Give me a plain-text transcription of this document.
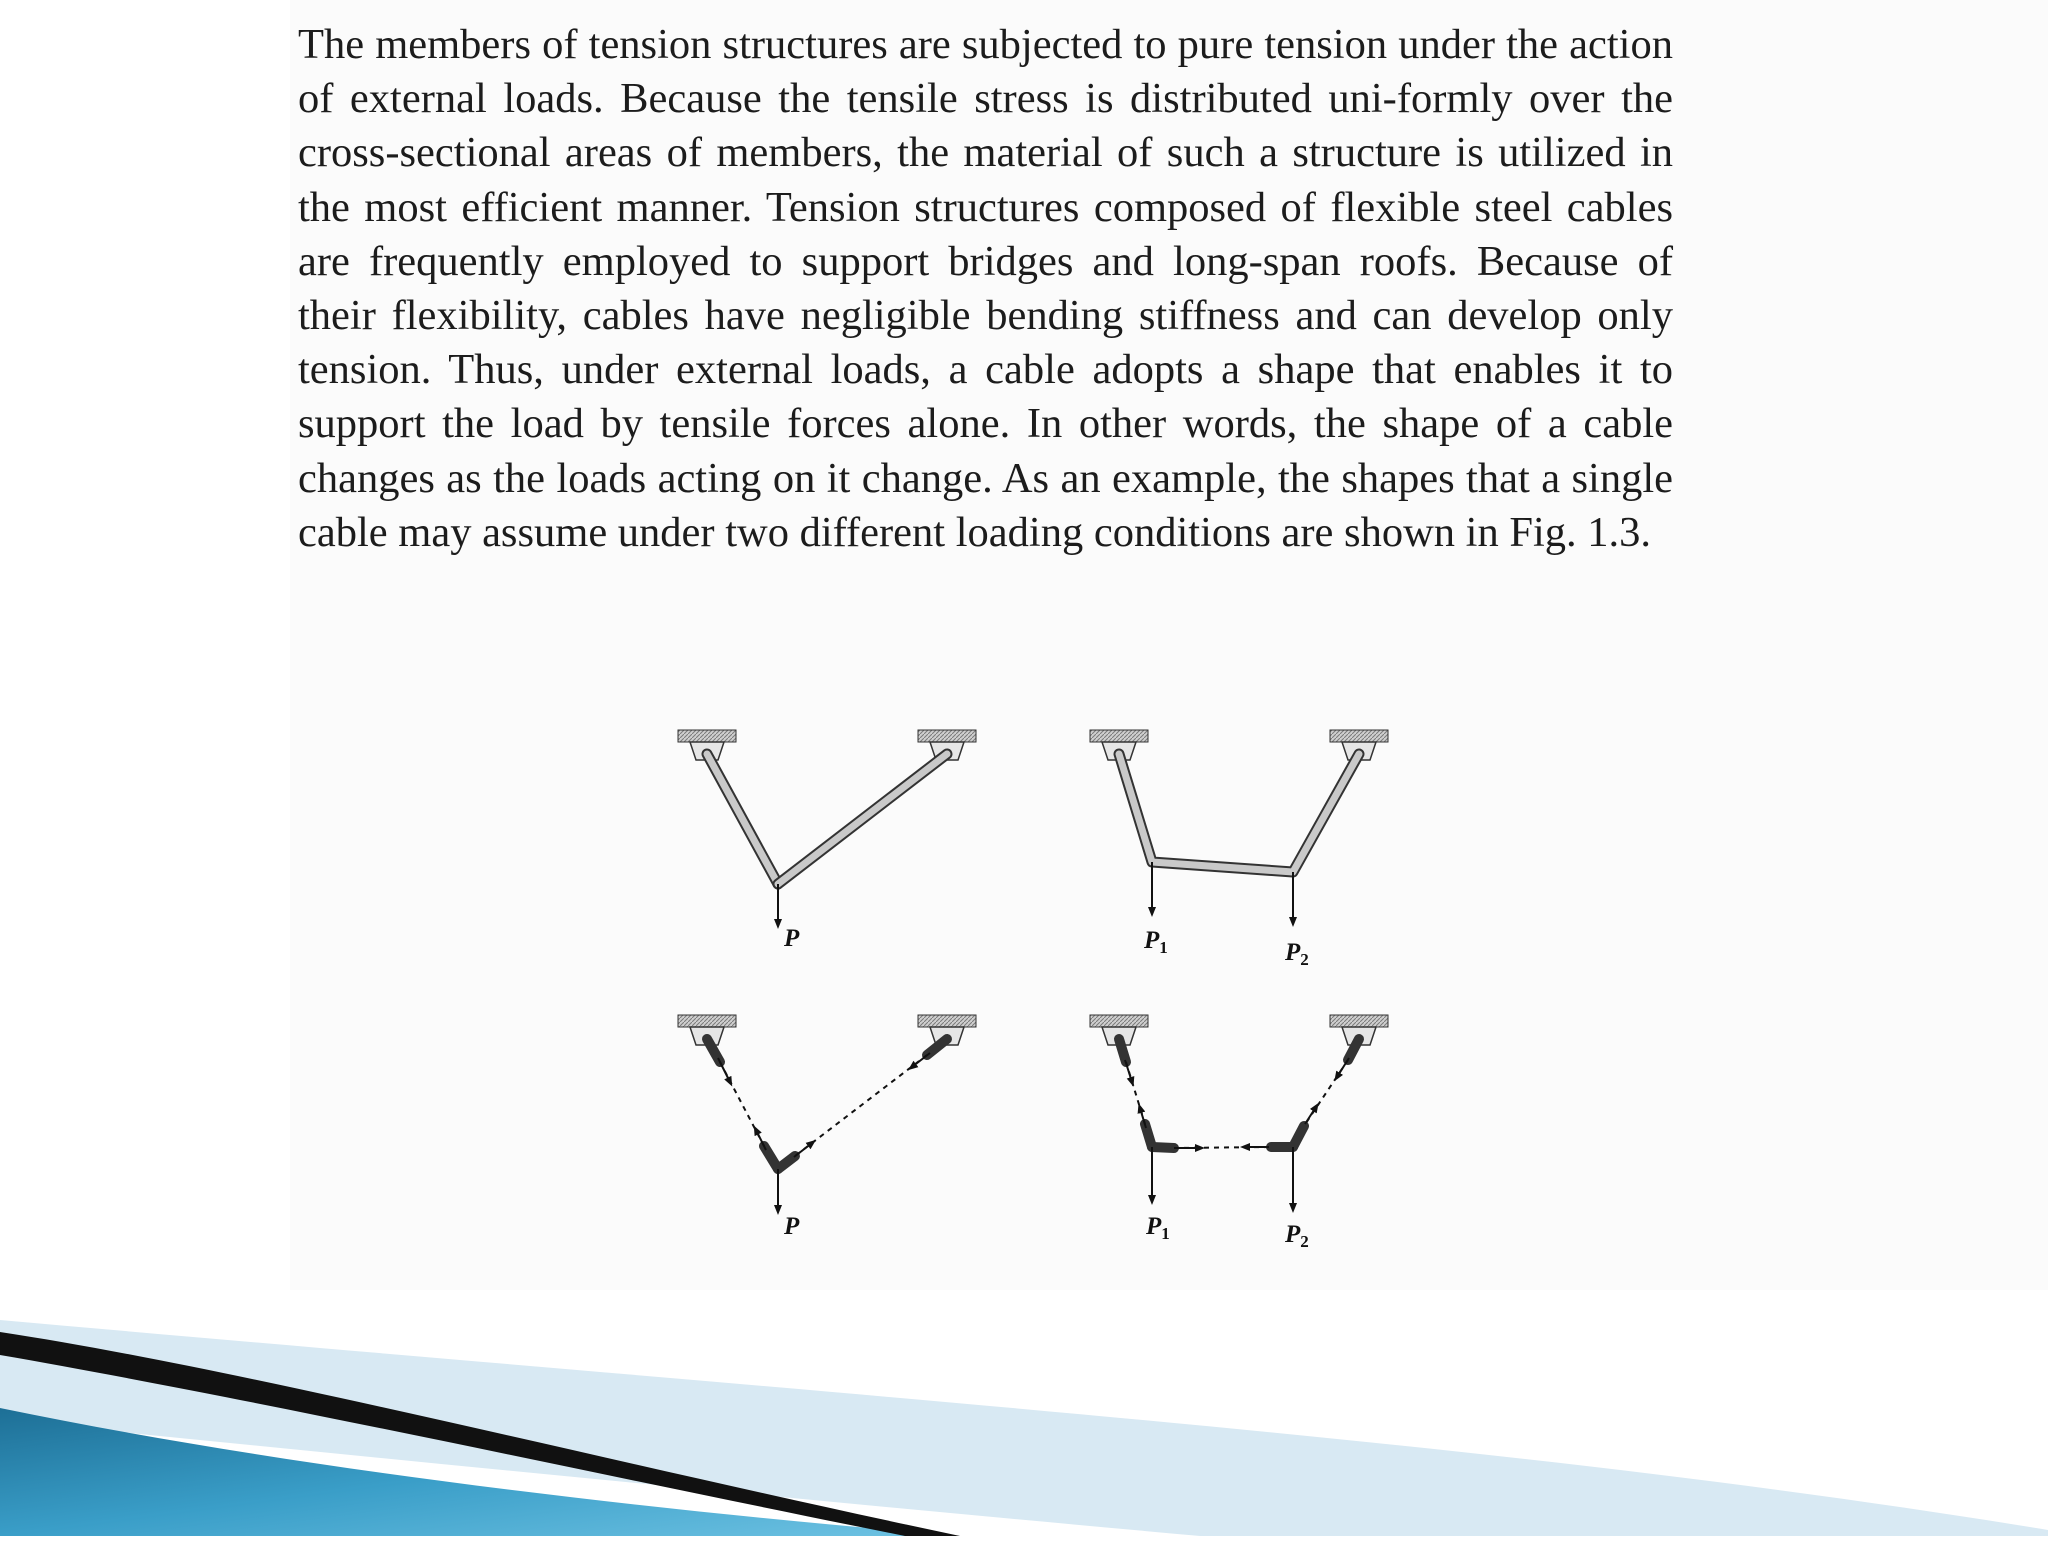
The members of tension structures are subjected to pure tension under the action of external loads. Because the tensile stress is distributed uni-formly over the cross-sectional areas of members, the material of such a structure is utilized in the most efficient manner. Tension structures composed of flexible steel cables are frequently employed to support bridges and long-span roofs. Because of their flexibility, cables have negligible bending stiffness and can develop only tension. Thus, under external loads, a cable adopts a shape that enables it to support the load by tensile forces alone. In other words, the shape of a cable changes as the loads acting on it change. As an example, the shapes that a single cable may assume under two different loading conditions are shown in Fig. 1.3.

P	$P_1$	$P_2$
P	$P_1$	$P_2$
